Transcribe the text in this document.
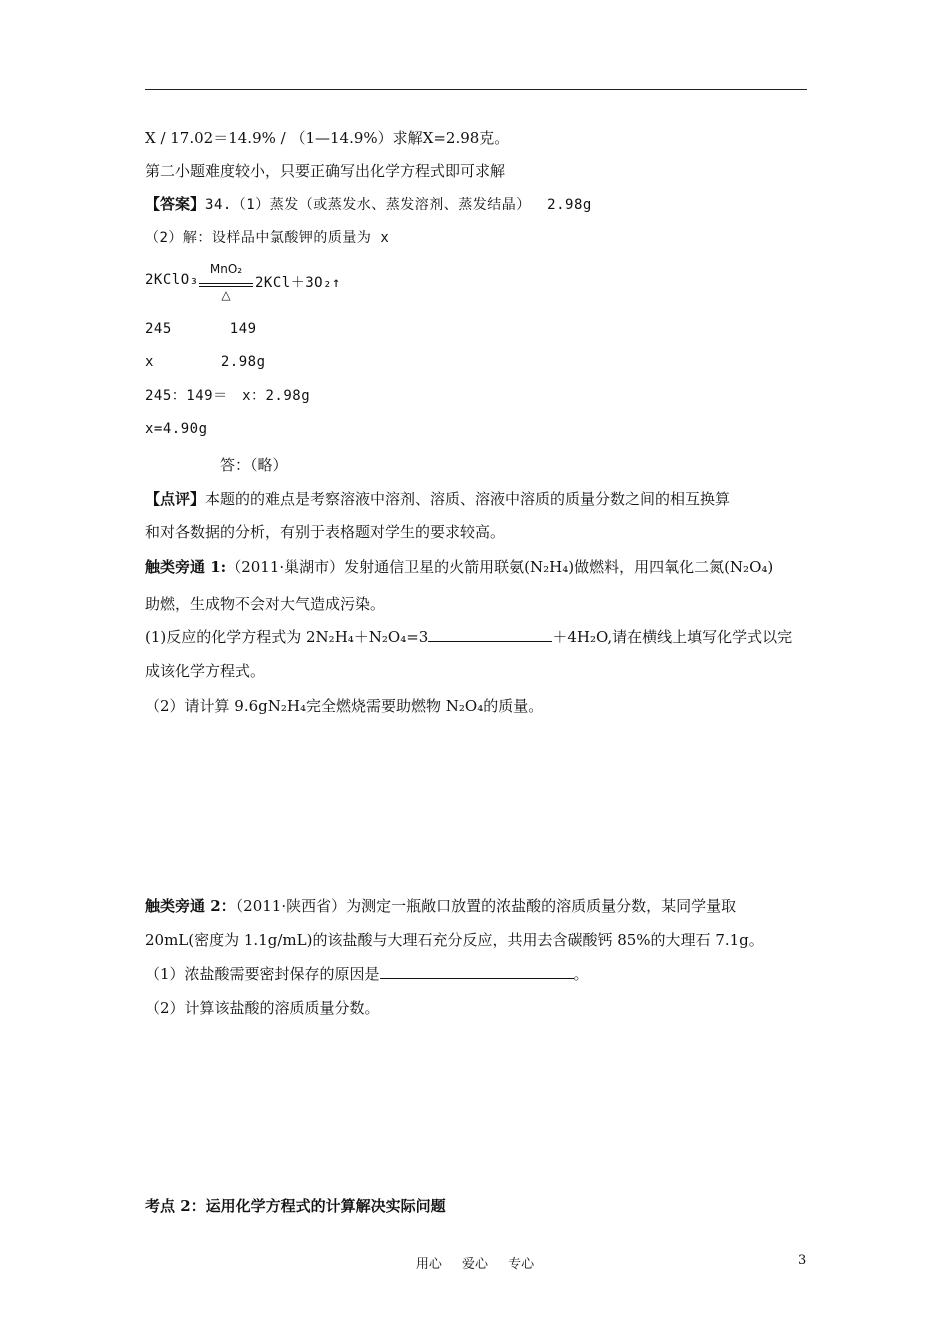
X / 17.02＝14.9% / （1—14.9%）求解X=2.98克。
第二小题难度较小，只要正确写出化学方程式即可求解
【答案】34.（1）蒸发（或蒸发水、蒸发溶剂、蒸发结晶）　 2.98g
（2）解：设样品中氯酸钾的质量为 x
2KClO₃
MnO₂
△
2KCl＋3O₂↑
245　　　　149
x　　　　 2.98g
245：149＝　x：2.98g
x=4.90g
　　　　　答：（略）
【点评】本题的的难点是考察溶液中溶剂、溶质、溶液中溶质的质量分数之间的相互换算
和对各数据的分析，有别于表格题对学生的要求较高。
触类旁通 1:（2011·巢湖市）发射通信卫星的火箭用联氨(N₂H₄)做燃料，用四氧化二氮(N₂O₄)
助燃，生成物不会对大气造成污染。
(1)反应的化学方程式为 2N₂H₄＋N₂O₄=3	＋4H₂O,请在横线上填写化学式以完
成该化学方程式。
（2）请计算 9.6gN₂H₄完全燃烧需要助燃物 N₂O₄的质量。
触类旁通 2：（2011·陕西省）为测定一瓶敞口放置的浓盐酸的溶质质量分数，某同学量取
20mL(密度为 1.1g/mL)的该盐酸与大理石充分反应，共用去含碳酸钙 85%的大理石 7.1g。
（1）浓盐酸需要密封保存的原因是	。
（2）计算该盐酸的溶质质量分数。
考点 2：运用化学方程式的计算解决实际问题
用心 爱心 专心	3
